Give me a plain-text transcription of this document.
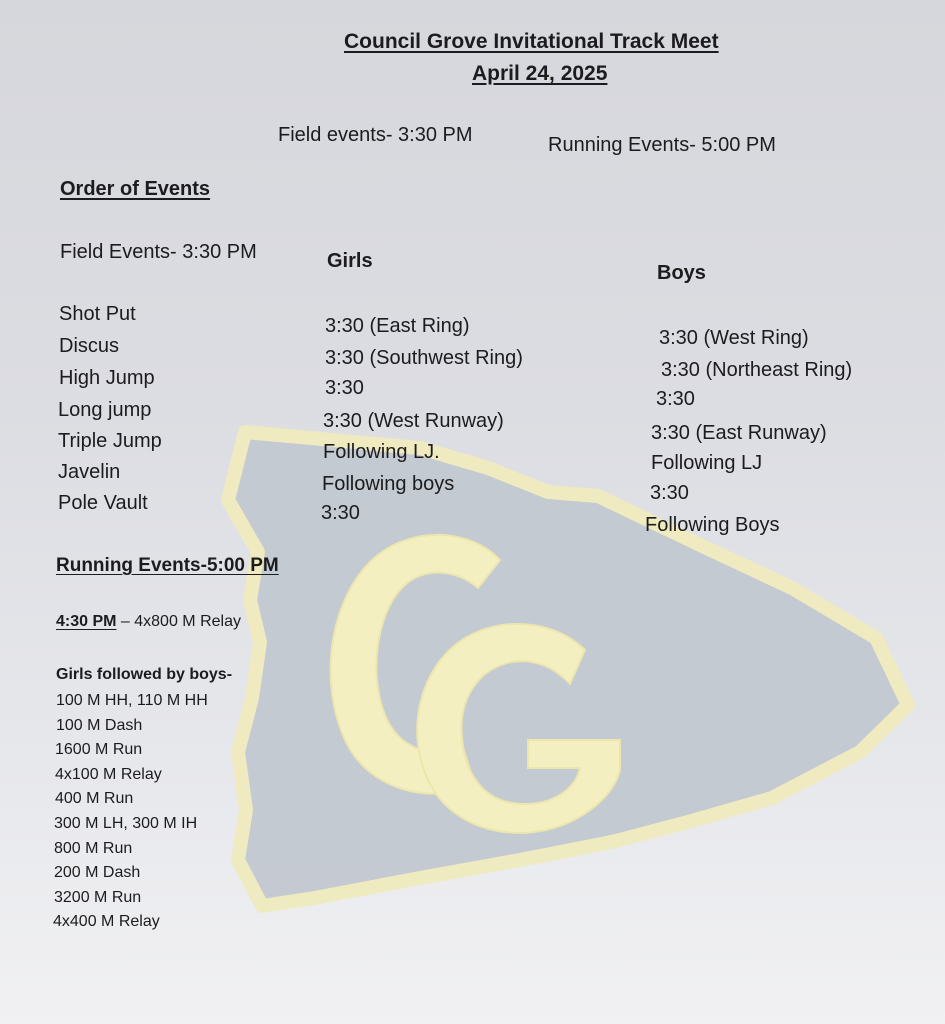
Council Grove Invitational Track Meet
April 24, 2025
Field events- 3:30 PM	Running Events- 5:00 PM
Order of Events
Field Events- 3:30 PM	Girls
Boys
Shot Put
Discus
High Jump
Long jump
Triple Jump
Javelin
Pole Vault
3:30 (East Ring)
3:30 (Southwest Ring)
3:30
3:30 (West Runway)
Following LJ.
Following boys
3:30
3:30 (West Ring)
3:30 (Northeast Ring)
3:30
3:30 (East Runway)
Following LJ
3:30
Following Boys
Running Events-5:00 PM
4:30 PM – 4x800 M Relay
Girls followed by boys-
100 M HH, 110 M HH
100 M Dash
1600 M Run
4x100 M Relay
400 M Run
300 M LH, 300 M IH
800 M Run
200 M Dash
3200 M Run
4x400 M Relay
